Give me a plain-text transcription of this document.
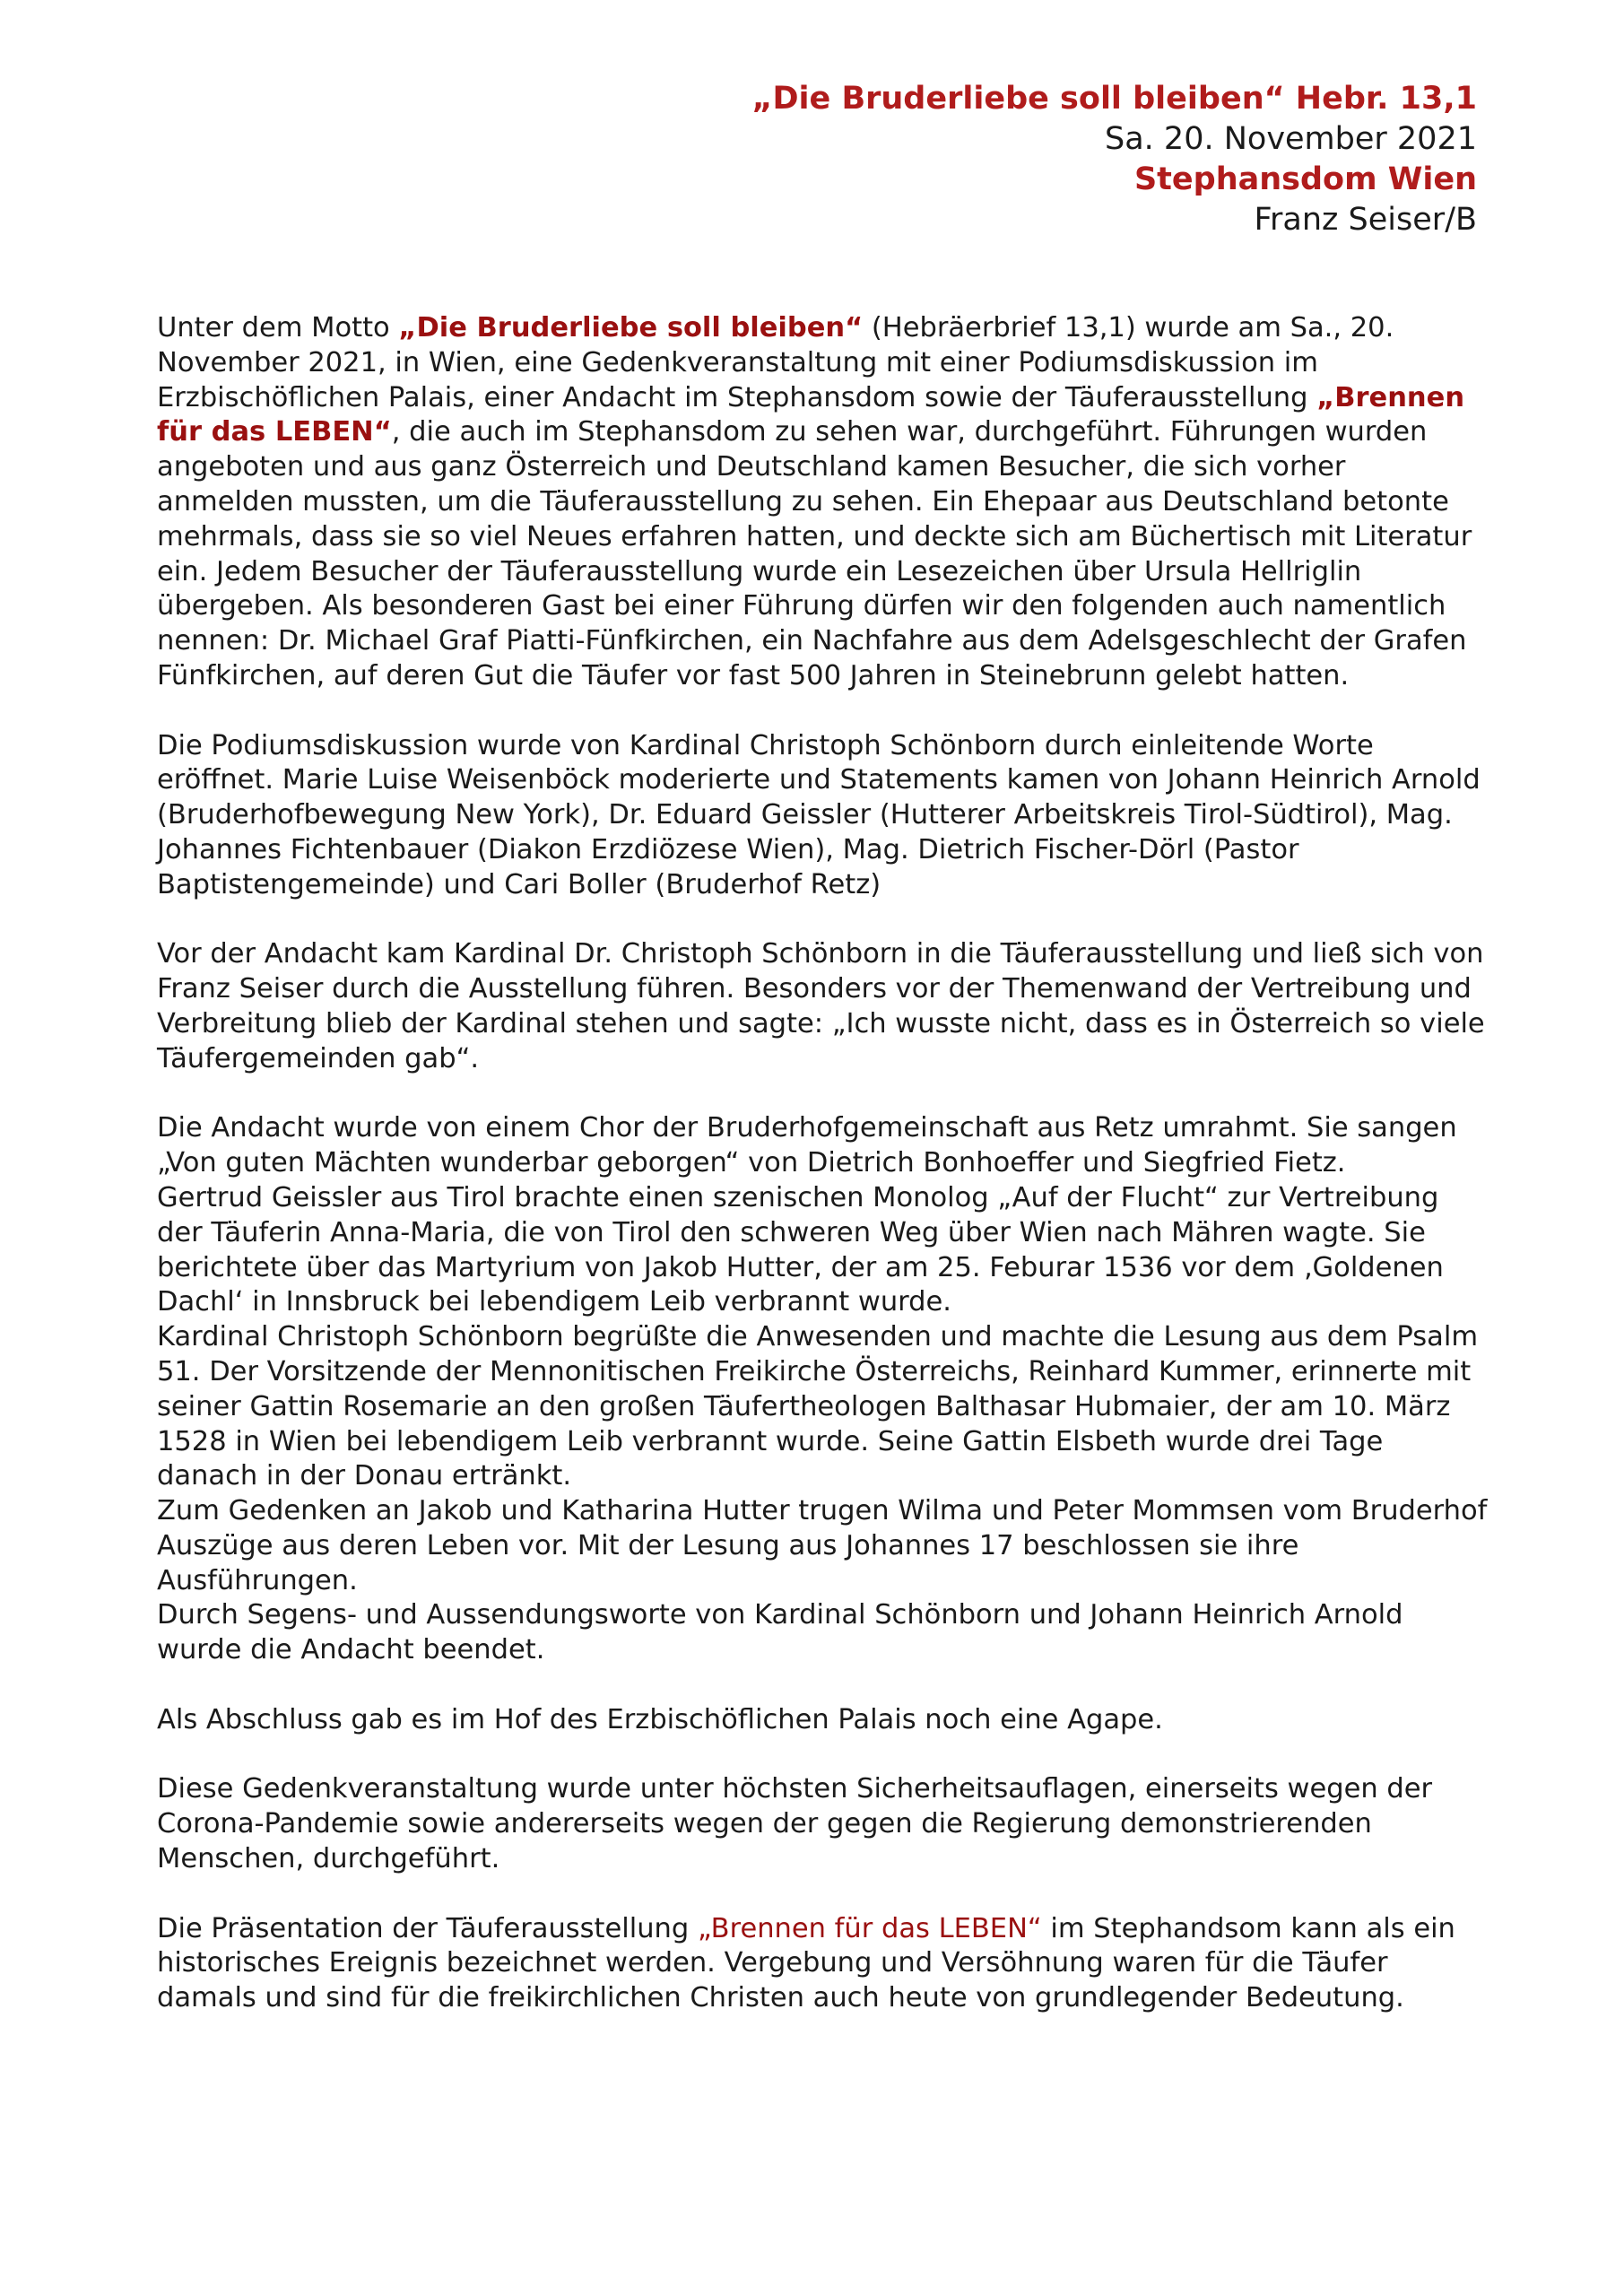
„Die Bruderliebe soll bleiben“ Hebr. 13,1
Sa. 20. November 2021
Stephansdom Wien
Franz Seiser/B
Unter dem Motto „Die Bruderliebe soll bleiben“ (Hebräerbrief 13,1) wurde am Sa., 20.
November 2021, in Wien, eine Gedenkveranstaltung mit einer Podiumsdiskussion im
Erzbischöflichen Palais, einer Andacht im Stephansdom sowie der Täuferausstellung „Brennen
für das LEBEN“, die auch im Stephansdom zu sehen war, durchgeführt. Führungen wurden
angeboten und aus ganz Österreich und Deutschland kamen Besucher, die sich vorher
anmelden mussten, um die Täuferausstellung zu sehen. Ein Ehepaar aus Deutschland betonte
mehrmals, dass sie so viel Neues erfahren hatten, und deckte sich am Büchertisch mit Literatur
ein. Jedem Besucher der Täuferausstellung wurde ein Lesezeichen über Ursula Hellriglin
übergeben. Als besonderen Gast bei einer Führung dürfen wir den folgenden auch namentlich
nennen: Dr. Michael Graf Piatti-Fünfkirchen, ein Nachfahre aus dem Adelsgeschlecht der Grafen
Fünfkirchen, auf deren Gut die Täufer vor fast 500 Jahren in Steinebrunn gelebt hatten.
Die Podiumsdiskussion wurde von Kardinal Christoph Schönborn durch einleitende Worte
eröffnet. Marie Luise Weisenböck moderierte und Statements kamen von Johann Heinrich Arnold
(Bruderhofbewegung New York), Dr. Eduard Geissler (Hutterer Arbeitskreis Tirol-Südtirol), Mag.
Johannes Fichtenbauer (Diakon Erzdiözese Wien), Mag. Dietrich Fischer-Dörl (Pastor
Baptistengemeinde) und Cari Boller (Bruderhof Retz)
Vor der Andacht kam Kardinal Dr. Christoph Schönborn in die Täuferausstellung und ließ sich von
Franz Seiser durch die Ausstellung führen. Besonders vor der Themenwand der Vertreibung und
Verbreitung blieb der Kardinal stehen und sagte: „Ich wusste nicht, dass es in Österreich so viele
Täufergemeinden gab“.
Die Andacht wurde von einem Chor der Bruderhofgemeinschaft aus Retz umrahmt. Sie sangen
„Von guten Mächten wunderbar geborgen“ von Dietrich Bonhoeffer und Siegfried Fietz.
Gertrud Geissler aus Tirol brachte einen szenischen Monolog „Auf der Flucht“ zur Vertreibung
der Täuferin Anna-Maria, die von Tirol den schweren Weg über Wien nach Mähren wagte. Sie
berichtete über das Martyrium von Jakob Hutter, der am 25. Feburar 1536 vor dem ‚Goldenen
Dachl‘ in Innsbruck bei lebendigem Leib verbrannt wurde.
Kardinal Christoph Schönborn begrüßte die Anwesenden und machte die Lesung aus dem Psalm
51. Der Vorsitzende der Mennonitischen Freikirche Österreichs, Reinhard Kummer, erinnerte mit
seiner Gattin Rosemarie an den großen Täufertheologen Balthasar Hubmaier, der am 10. März
1528 in Wien bei lebendigem Leib verbrannt wurde. Seine Gattin Elsbeth wurde drei Tage
danach in der Donau ertränkt.
Zum Gedenken an Jakob und Katharina Hutter trugen Wilma und Peter Mommsen vom Bruderhof
Auszüge aus deren Leben vor. Mit der Lesung aus Johannes 17 beschlossen sie ihre
Ausführungen.
Durch Segens- und Aussendungsworte von Kardinal Schönborn und Johann Heinrich Arnold
wurde die Andacht beendet.
Als Abschluss gab es im Hof des Erzbischöflichen Palais noch eine Agape.
Diese Gedenkveranstaltung wurde unter höchsten Sicherheitsauflagen, einerseits wegen der
Corona-Pandemie sowie andererseits wegen der gegen die Regierung demonstrierenden
Menschen, durchgeführt.
Die Präsentation der Täuferausstellung „Brennen für das LEBEN“ im Stephandsom kann als ein
historisches Ereignis bezeichnet werden. Vergebung und Versöhnung waren für die Täufer
damals und sind für die freikirchlichen Christen auch heute von grundlegender Bedeutung.
